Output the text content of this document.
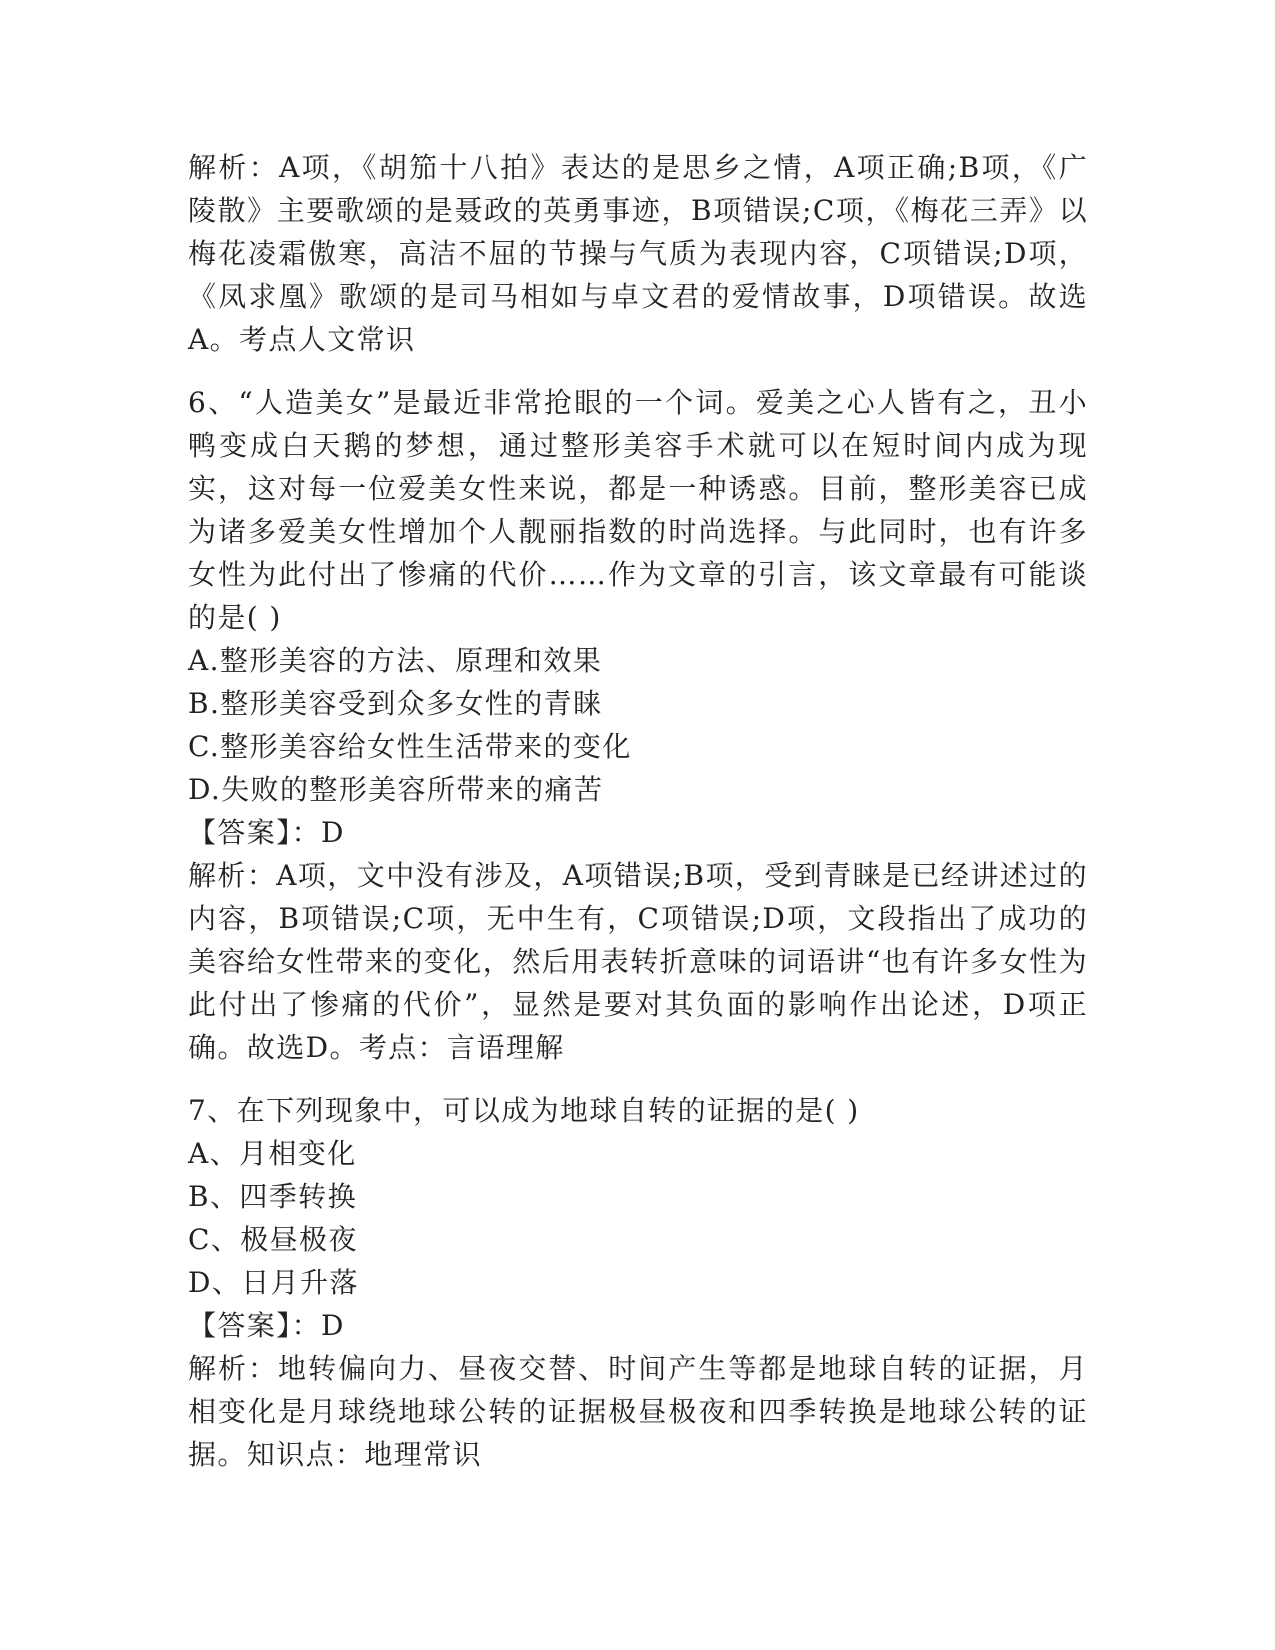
解析：A项，《胡笳十八拍》表达的是思乡之情，A项正确;B项，《广陵散》主要歌颂的是聂政的英勇事迹，B项错误;C项，《梅花三弄》以梅花凌霜傲寒，高洁不屈的节操与气质为表现内容，C项错误;D项，《凤求凰》歌颂的是司马相如与卓文君的爱情故事，D项错误。故选A。考点人文常识

6、“人造美女”是最近非常抢眼的一个词。爱美之心人皆有之，丑小鸭变成白天鹅的梦想，通过整形美容手术就可以在短时间内成为现实，这对每一位爱美女性来说，都是一种诱惑。目前，整形美容已成为诸多爱美女性增加个人靓丽指数的时尚选择。与此同时，也有许多女性为此付出了惨痛的代价……作为文章的引言，该文章最有可能谈的是( )

A.整形美容的方法、原理和效果

B.整形美容受到众多女性的青睐

C.整形美容给女性生活带来的变化

D.失败的整形美容所带来的痛苦

【答案】：D

解析：A项，文中没有涉及，A项错误;B项，受到青睐是已经讲述过的内容，B项错误;C项，无中生有，C项错误;D项，文段指出了成功的美容给女性带来的变化，然后用表转折意味的词语讲“也有许多女性为此付出了惨痛的代价”，显然是要对其负面的影响作出论述，D项正确。故选D。考点：言语理解

7、在下列现象中，可以成为地球自转的证据的是( )

A、月相变化

B、四季转换

C、极昼极夜

D、日月升落

【答案】：D

解析：地转偏向力、昼夜交替、时间产生等都是地球自转的证据，月相变化是月球绕地球公转的证据极昼极夜和四季转换是地球公转的证据。知识点：地理常识
